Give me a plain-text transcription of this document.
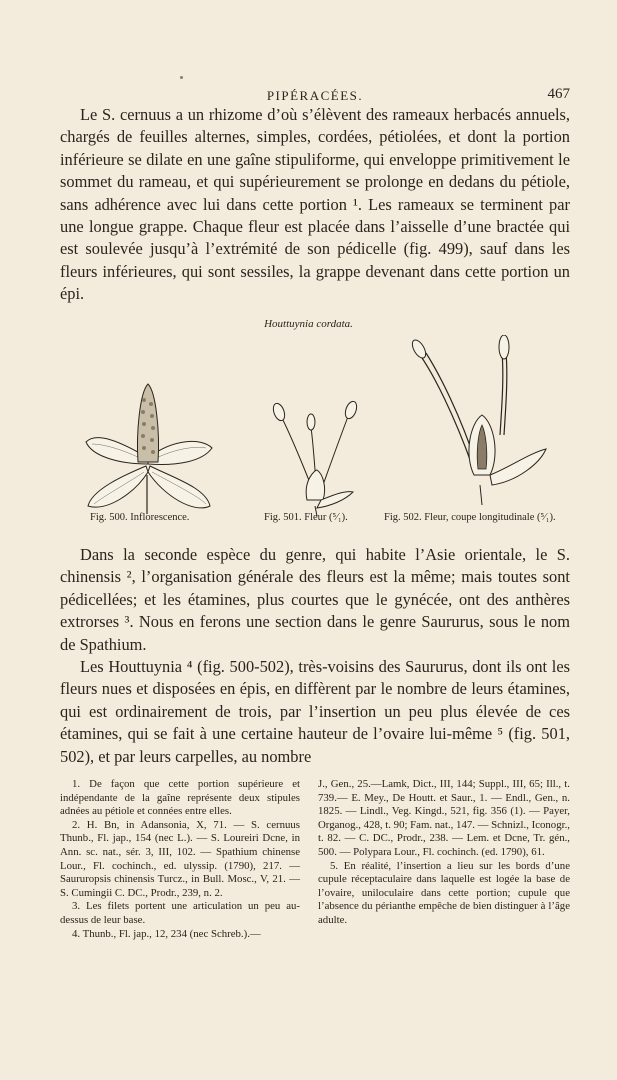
PIPÉRACÉES.	467

Le S. cernuus a un rhizome d’où s’élèvent des rameaux herbacés annuels, chargés de feuilles alternes, simples, cordées, pétiolées, et dont la portion inférieure se dilate en une gaîne stipuliforme, qui enveloppe primitivement le sommet du rameau, et qui supérieurement se prolonge en dedans du pétiole, sans adhérence avec lui dans cette portion ¹. Les rameaux se terminent par une longue grappe. Chaque fleur est placée dans l’aisselle d’une bractée qui est soulevée jusqu’à l’extrémité de son pédicelle (fig. 499), sauf dans les fleurs inférieures, qui sont sessiles, la grappe devenant dans cette portion un épi.

Houttuynia cordata.
Fig. 500. Inflorescence.	Fig. 501. Fleur (⁵⁄₁).	Fig. 502. Fleur, coupe longitudinale (⁵⁄₁).

Dans la seconde espèce du genre, qui habite l’Asie orientale, le S. chinensis ², l’organisation générale des fleurs est la même; mais toutes sont pédicellées; et les étamines, plus courtes que le gynécée, ont des anthères extrorses ³. Nous en ferons une section dans le genre Saururus, sous le nom de Spathium.

Les Houttuynia ⁴ (fig. 500-502), très-voisins des Saururus, dont ils ont les fleurs nues et disposées en épis, en diffèrent par le nombre de leurs étamines, qui est ordinairement de trois, par l’insertion un peu plus élevée de ces étamines, qui se fait à une certaine hauteur de l’ovaire lui-même ⁵ (fig. 501, 502), et par leurs carpelles, au nombre

1. De façon que cette portion supérieure et indépendante de la gaîne représente deux stipules adnées au pétiole et connées entre elles.

2. H. Bn, in Adansonia, X, 71. — S. cernuus Thunb., Fl. jap., 154 (nec L.). — S. Loureiri Dcne, in Ann. sc. nat., sér. 3, III, 102. — Spathium chinense Lour., Fl. cochinch., ed. ulyssip. (1790), 217. — Saururopsis chinensis Turcz., in Bull. Mosc., V, 21. — S. Cumingii C. DC., Prodr., 239, n. 2.

3. Les filets portent une articulation un peu au-dessus de leur base.

4. Thunb., Fl. jap., 12, 234 (nec Schreb.).—

J., Gen., 25.—Lamk, Dict., III, 144; Suppl., III, 65; Ill., t. 739.— E. Mey., De Houtt. et Saur., 1. — Endl., Gen., n. 1825. — Lindl., Veg. Kingd., 521, fig. 356 (1). — Payer, Organog., 428, t. 90; Fam. nat., 147. — Schnizl., Iconogr., t. 82. — C. DC., Prodr., 238. — Lem. et Dcne, Tr. gén., 500. — Polypara Lour., Fl. cochinch. (ed. 1790), 61.

5. En réalité, l’insertion a lieu sur les bords d’une cupule réceptaculaire dans laquelle est logée la base de l’ovaire, uniloculaire dans cette portion; cupule que l’absence du périanthe empêche de bien distinguer à l’âge adulte.
